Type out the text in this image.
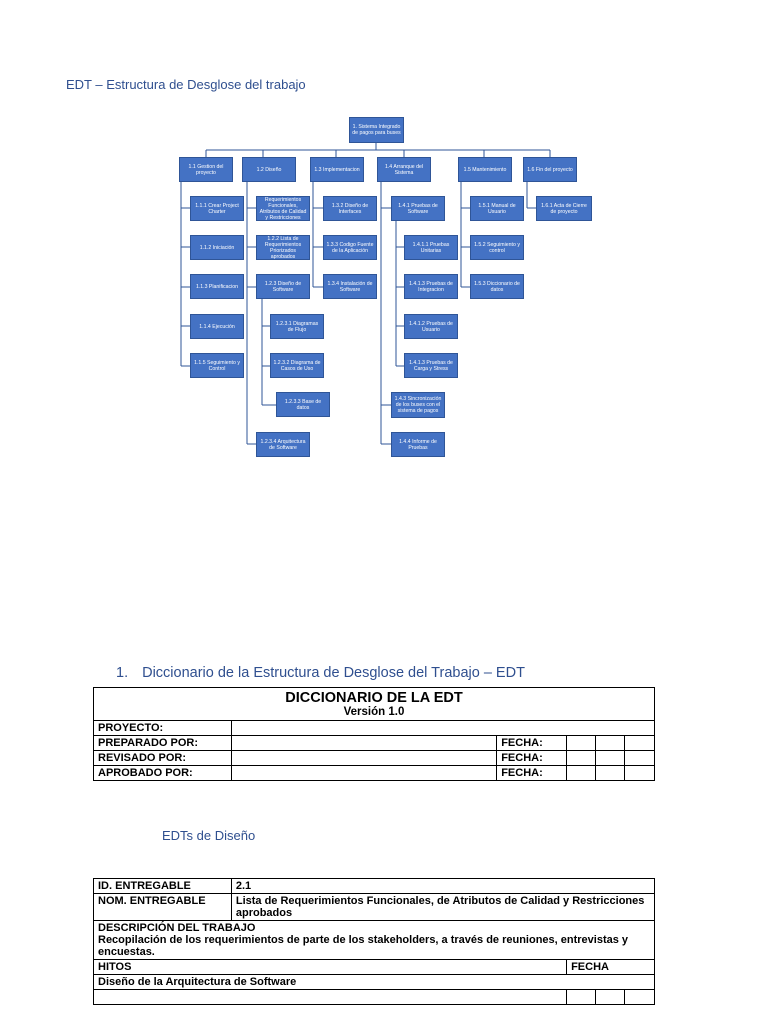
EDT – Estructura de Desglose del trabajo
1. Sistema Integrado de pagos para buses
1.1 Gestion del proyecto	1.2 Diseño	1.3 Implementacion	1.4 Arranque del Sistema	1.5 Mantenimiento	1.6 Fin del proyecto
1.1.1 Crear Project Charter
1.1.2 Iniciación
1.1.3 Planificacion
1.1.4 Ejecución
1.1.5 Seguimiento y Control
Requerimientos Funcionales, Atributos de Calidad y Restricciones
1.2.2 Lista de Requerimientos Priorizados aprobados
1.2.3 Diseño de Software
1.2.3.1 Diagramas de Flujo
1.2.3.2 Diagrama de Casos de Uso
1.2.3.3 Base de datos
1.2.3.4 Arquitectura de Software
1.3.2 Diseño de Interfaces
1.3.3 Codigo Fuente de la Aplicación
1.3.4 Instalación de Software
1.4.1 Pruebas de Software
1.4.1.1 Pruebas Unitarias
1.4.1.3 Pruebas de Integracion
1.4.1.2 Pruebas de Usuario
1.4.1.3 Pruebas de Carga y Stress
1.4.3 Sincronización de los buses con el sistema de pagos
1.4.4 Informe de Pruebas
1.5.1 Manual de Usuario
1.5.2 Seguimiento y control
1.5.3 Diccionario de datos
1.6.1 Acta de Cierre de proyecto
1. Diccionario de la Estructura de Desglose del Trabajo – EDT
DICCIONARIO DE LA EDT
Versión 1.0					

PROYECTO:					
PREPARADO POR:		FECHA:			
REVISADO POR:		FECHA:			
APROBADO POR:		FECHA:			
EDTs de Diseño
ID. ENTREGABLE	2.1			
NOM. ENTREGABLE	Lista de Requerimientos Funcionales, de Atributos de Calidad y Restricciones aprobados			

DESCRIPCIÓN DEL TRABAJO
Recopilación de los requerimientos de parte de los stakeholders, a través de reuniones, entrevistas y encuestas.				

HITOS		FECHA		
Diseño de la Arquitectura de Software				
